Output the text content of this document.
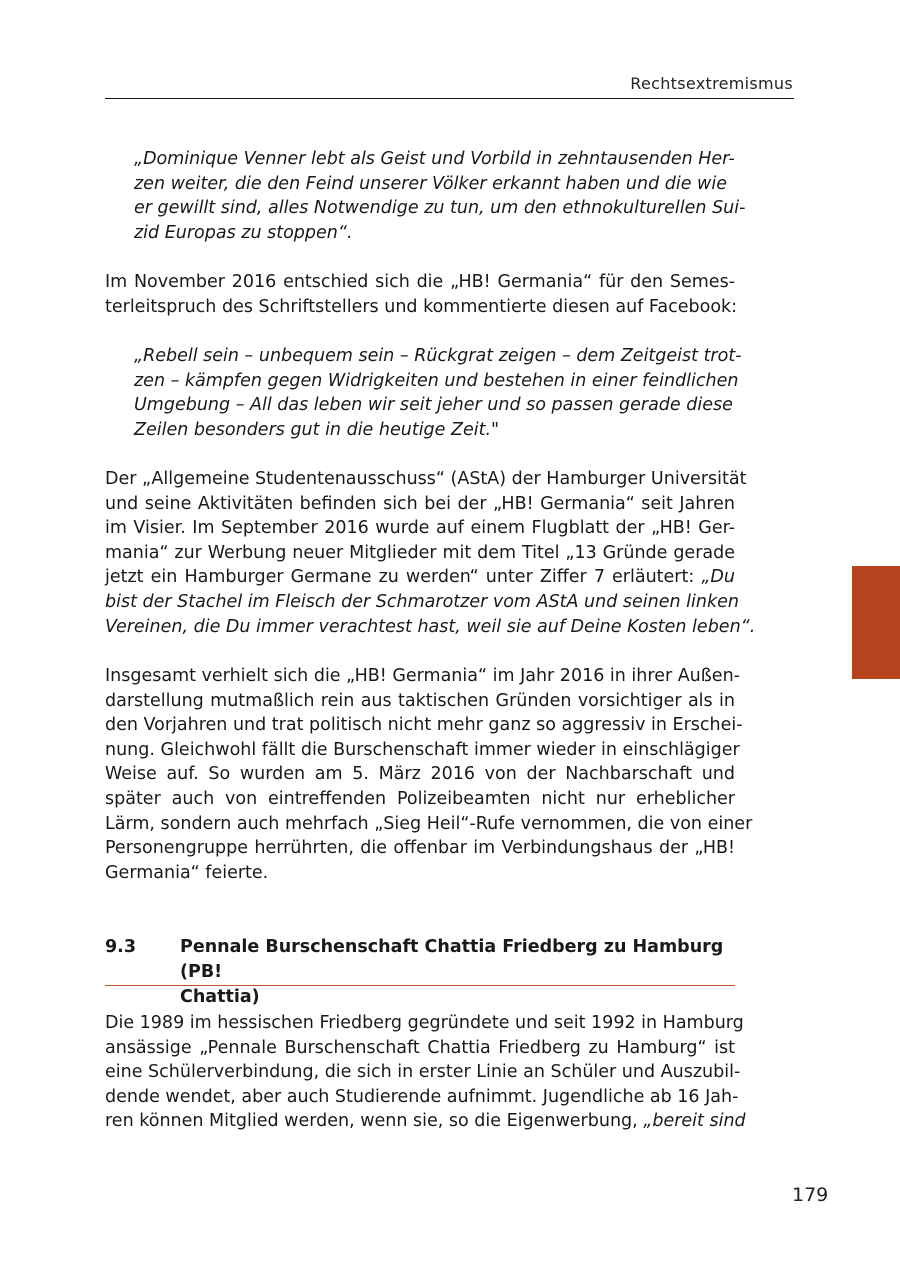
Rechtsextremismus
„Dominique Venner lebt als Geist und Vorbild in zehntausenden Her-
zen weiter, die den Feind unserer Völker erkannt haben und die wie
er gewillt sind, alles Notwendige zu tun, um den ethnokulturellen Sui-
zid Europas zu stoppen“.
Im November 2016 entschied sich die „HB! Germania“ für den Semes-
terleitspruch des Schriftstellers und kommentierte diesen auf Facebook:
„Rebell sein – unbequem sein – Rückgrat zeigen – dem Zeitgeist trot-
zen – kämpfen gegen Widrigkeiten und bestehen in einer feindlichen
Umgebung – All das leben wir seit jeher und so passen gerade diese
Zeilen besonders gut in die heutige Zeit."
Der „Allgemeine Studentenausschuss“ (AStA) der Hamburger Universität
und seine Aktivitäten befinden sich bei der „HB! Germania“ seit Jahren
im Visier. Im September 2016 wurde auf einem Flugblatt der „HB! Ger-
mania“ zur Werbung neuer Mitglieder mit dem Titel „13 Gründe gerade
jetzt ein Hamburger Germane zu werden“ unter Ziffer 7 erläutert: „Du
bist der Stachel im Fleisch der Schmarotzer vom AStA und seinen linken
Vereinen, die Du immer verachtest hast, weil sie auf Deine Kosten leben“.
Insgesamt verhielt sich die „HB! Germania“ im Jahr 2016 in ihrer Außen-
darstellung mutmaßlich rein aus taktischen Gründen vorsichtiger als in
den Vorjahren und trat politisch nicht mehr ganz so aggressiv in Erschei-
nung. Gleichwohl fällt die Burschenschaft immer wieder in einschlägiger
Weise auf. So wurden am 5. März 2016 von der Nachbarschaft und
später auch von eintreffenden Polizeibeamten nicht nur erheblicher
Lärm, sondern auch mehrfach „Sieg Heil“-Rufe vernommen, die von einer
Personengruppe herrührten, die offenbar im Verbindungshaus der „HB!
Germania“ feierte.
9.3	Pennale Burschenschaft Chattia Friedberg zu Hamburg (PB!
Chattia)
Die 1989 im hessischen Friedberg gegründete und seit 1992 in Hamburg
ansässige „Pennale Burschenschaft Chattia Friedberg zu Hamburg“ ist
eine Schülerverbindung, die sich in erster Linie an Schüler und Auszubil-
dende wendet, aber auch Studierende aufnimmt. Jugendliche ab 16 Jah-
ren können Mitglied werden, wenn sie, so die Eigenwerbung, „bereit sind
179
